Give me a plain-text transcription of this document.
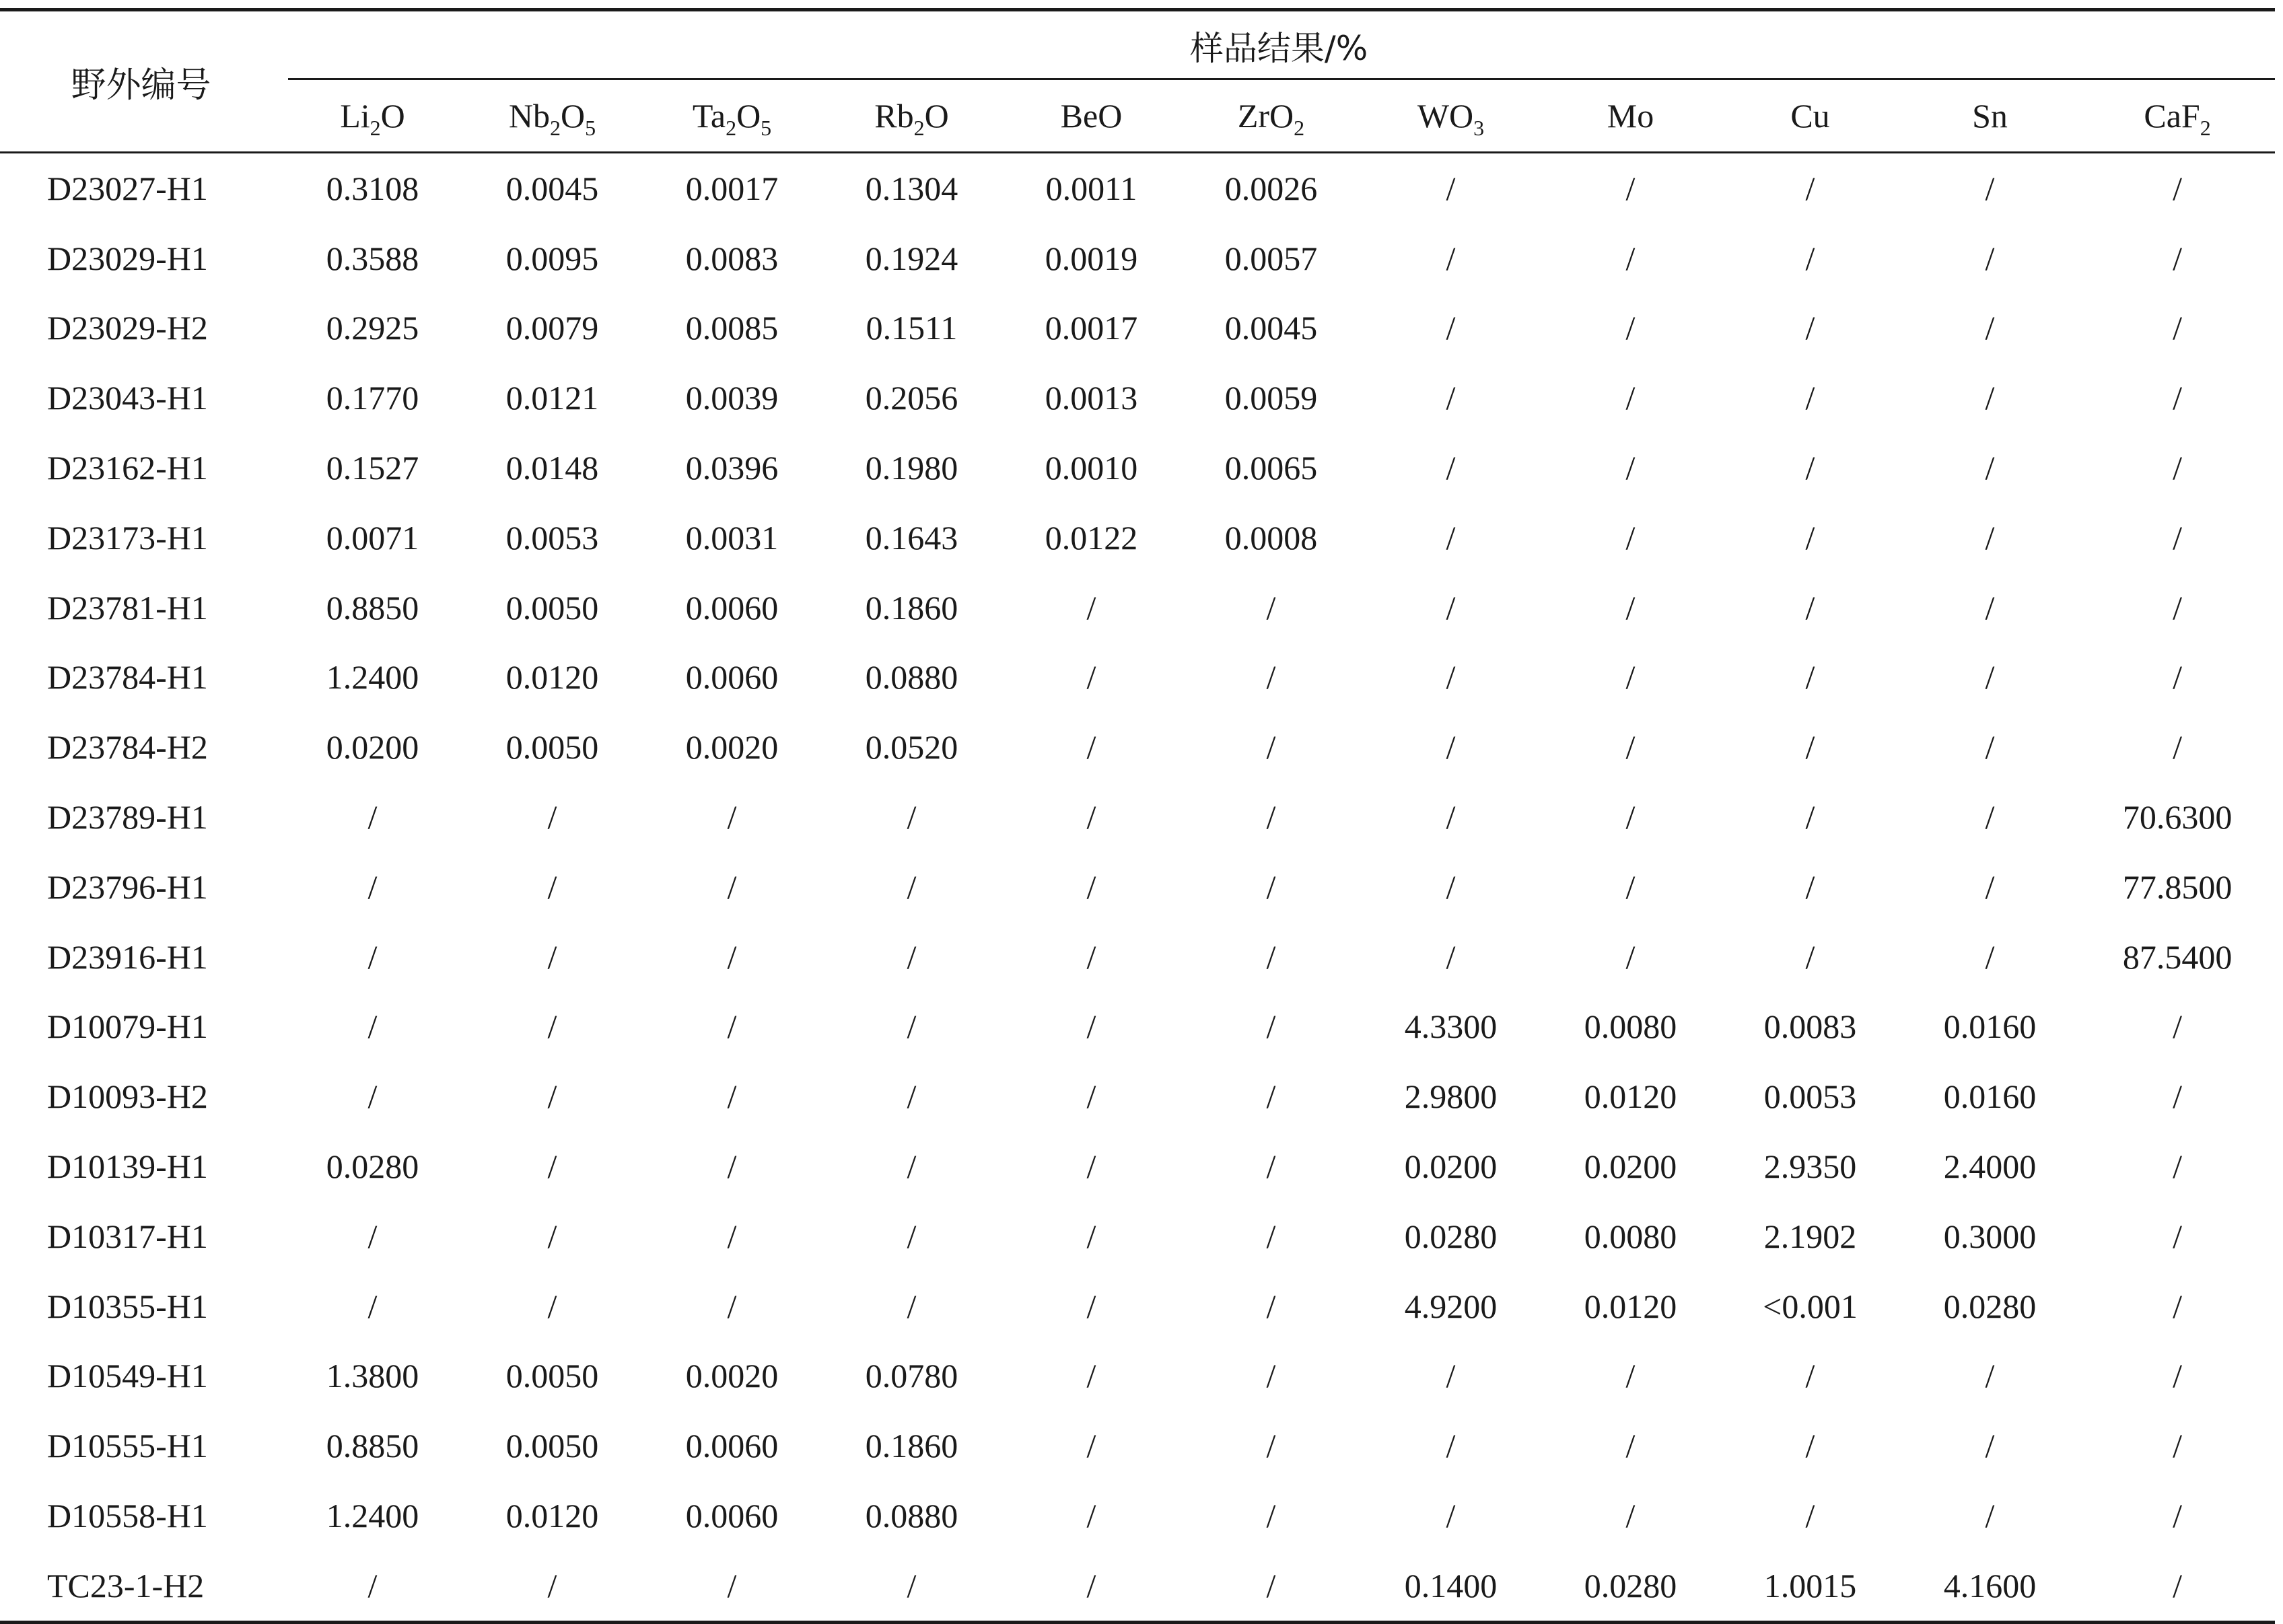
野外编号	样品结果/%										

	$Li_2O$	$Nb_2O_5$	$Ta_2O_5$	$Rb_2O$	BeO	ZrO$_2$	$WO_3$	Mo	Cu	Sn	CaF$_2$
D23027-H1	0.3108	0.0045	0.0017	0.1304	0.0011	0.0026	/	/	/	/	/
D23029-H1	0.3588	0.0095	0.0083	0.1924	0.0019	0.0057	/	/	/	/	/
D23029-H2	0.2925	0.0079	0.0085	0.1511	0.0017	0.0045	/	/	/	/	/
D23043-H1	0.1770	0.0121	0.0039	0.2056	0.0013	0.0059	/	/	/	/	/
D23162-H1	0.1527	0.0148	0.0396	0.1980	0.0010	0.0065	/	/	/	/	/
D23173-H1	0.0071	0.0053	0.0031	0.1643	0.0122	0.0008	/	/	/	/	/
D23781-H1	0.8850	0.0050	0.0060	0.1860	/	/	/	/	/	/	/
D23784-H1	1.2400	0.0120	0.0060	0.0880	/	/	/	/	/	/	/
D23784-H2	0.0200	0.0050	0.0020	0.0520	/	/	/	/	/	/	/
D23789-H1	/	/	/	/	/	/	/	/	/	/	70.6300
D23796-H1	/	/	/	/	/	/	/	/	/	/	77.8500
D23916-H1	/	/	/	/	/	/	/	/	/	/	87.5400
D10079-H1	/	/	/	/	/	/	4.3300	0.0080	0.0083	0.0160	/
D10093-H2	/	/	/	/	/	/	2.9800	0.0120	0.0053	0.0160	/
D10139-H1	0.0280	/	/	/	/	/	0.0200	0.0200	2.9350	2.4000	/
D10317-H1	/	/	/	/	/	/	0.0280	0.0080	2.1902	0.3000	/
D10355-H1	/	/	/	/	/	/	4.9200	0.0120	<0.001	0.0280	/
D10549-H1	1.3800	0.0050	0.0020	0.0780	/	/	/	/	/	/	/
D10555-H1	0.8850	0.0050	0.0060	0.1860	/	/	/	/	/	/	/
D10558-H1	1.2400	0.0120	0.0060	0.0880	/	/	/	/	/	/	/
TC23-1-H2	/	/	/	/	/	/	0.1400	0.0280	1.0015	4.1600	/
